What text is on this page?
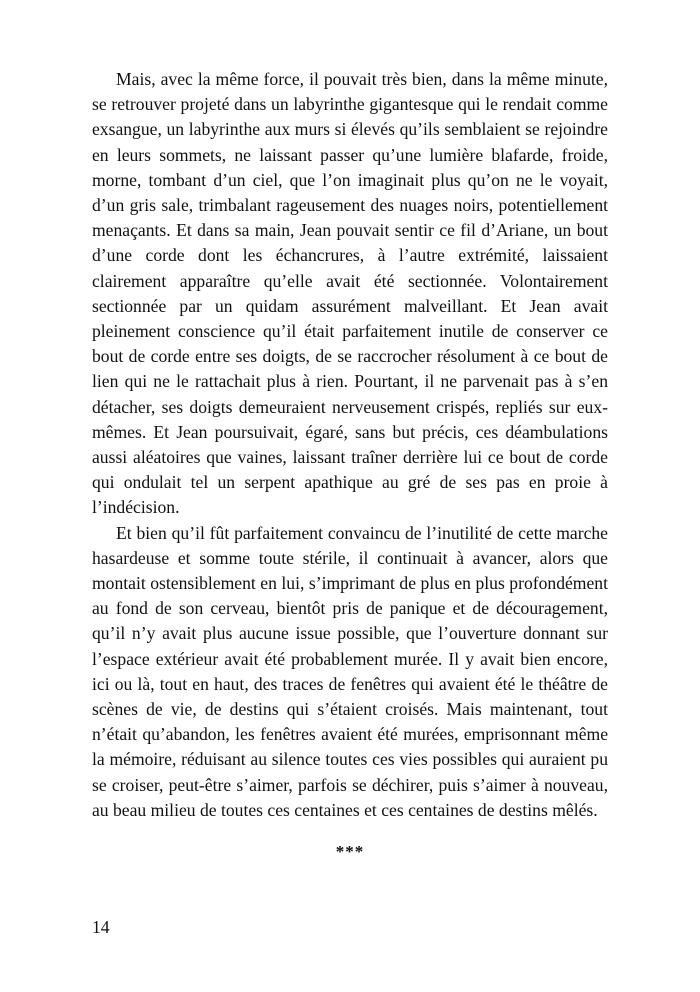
Mais, avec la même force, il pouvait très bien, dans la même minute, se retrouver projeté dans un labyrinthe gigantesque qui le rendait comme exsangue, un labyrinthe aux murs si élevés qu’ils semblaient se rejoindre en leurs sommets, ne laissant passer qu’une lumière blafarde, froide, morne, tombant d’un ciel, que l’on imaginait plus qu’on ne le voyait, d’un gris sale, trimbalant rageusement des nuages noirs, potentiellement menaçants. Et dans sa main, Jean pouvait sentir ce fil d’Ariane, un bout d’une corde dont les échancrures, à l’autre extrémité, laissaient clairement apparaître qu’elle avait été sectionnée. Volontairement sectionnée par un quidam assurément malveillant. Et Jean avait pleinement conscience qu’il était parfaitement inutile de conserver ce bout de corde entre ses doigts, de se raccrocher résolument à ce bout de lien qui ne le rattachait plus à rien. Pourtant, il ne parvenait pas à s’en détacher, ses doigts demeuraient nerveusement crispés, repliés sur eux-mêmes. Et Jean poursuivait, égaré, sans but précis, ces déambulations aussi aléatoires que vaines, laissant traîner derrière lui ce bout de corde qui ondulait tel un serpent apathique au gré de ses pas en proie à l’indécision.

Et bien qu’il fût parfaitement convaincu de l’inutilité de cette marche hasardeuse et somme toute stérile, il continuait à avancer, alors que montait ostensiblement en lui, s’imprimant de plus en plus profondément au fond de son cerveau, bientôt pris de panique et de découragement, qu’il n’y avait plus aucune issue possible, que l’ouverture donnant sur l’espace extérieur avait été probablement murée. Il y avait bien encore, ici ou là, tout en haut, des traces de fenêtres qui avaient été le théâtre de scènes de vie, de destins qui s’étaient croisés. Mais maintenant, tout n’était qu’abandon, les fenêtres avaient été murées, emprisonnant même la mémoire, réduisant au silence toutes ces vies possibles qui auraient pu se croiser, peut-être s’aimer, parfois se déchirer, puis s’aimer à nouveau, au beau milieu de toutes ces centaines et ces centaines de destins mêlés.

***
14
